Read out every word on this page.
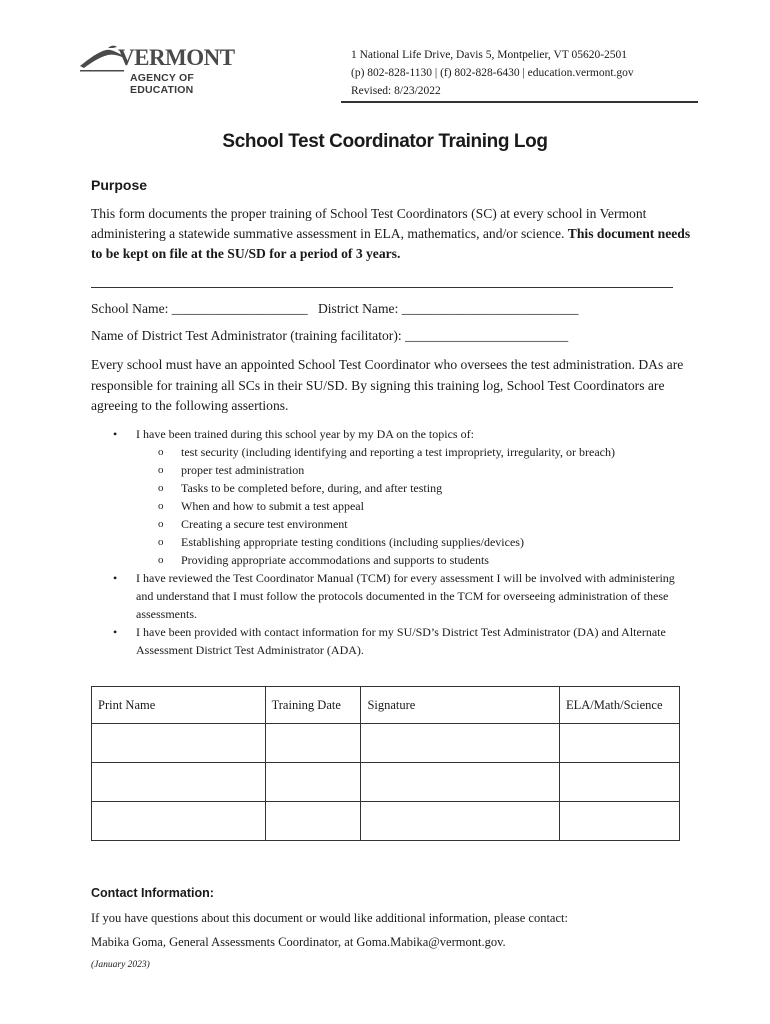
VERMONT
AGENCY OF EDUCATION
1 National Life Drive, Davis 5, Montpelier, VT 05620-2501
(p) 802-828-1130 | (f) 802-828-6430 | education.vermont.gov
Revised: 8/23/2022
School Test Coordinator Training Log
Purpose
This form documents the proper training of School Test Coordinators (SC) at every school in Vermont administering a statewide summative assessment in ELA, mathematics, and/or science. This document needs to be kept on file at the SU/SD for a period of 3 years.
School Name: ____________________ District Name: __________________________
Name of District Test Administrator (training facilitator): ________________________
Every school must have an appointed School Test Coordinator who oversees the test administration. DAs are responsible for training all SCs in their SU/SD. By signing this training log, School Test Coordinators are agreeing to the following assertions.
• I have been trained during this school year by my DA on the topics of:
o test security (including identifying and reporting a test impropriety, irregularity, or breach)
o proper test administration
o Tasks to be completed before, during, and after testing
o When and how to submit a test appeal
o Creating a secure test environment
o Establishing appropriate testing conditions (including supplies/devices)
o Providing appropriate accommodations and supports to students
• I have reviewed the Test Coordinator Manual (TCM) for every assessment I will be involved with administering and understand that I must follow the protocols documented in the TCM for overseeing administration of these assessments.
• I have been provided with contact information for my SU/SD’s District Test Administrator (DA) and Alternate Assessment District Test Administrator (ADA).
Print Name	Training Date	Signature	ELA/Math/Science

Contact Information:
If you have questions about this document or would like additional information, please contact:
Mabika Goma, General Assessments Coordinator, at Goma.Mabika@vermont.gov.
(January 2023)
